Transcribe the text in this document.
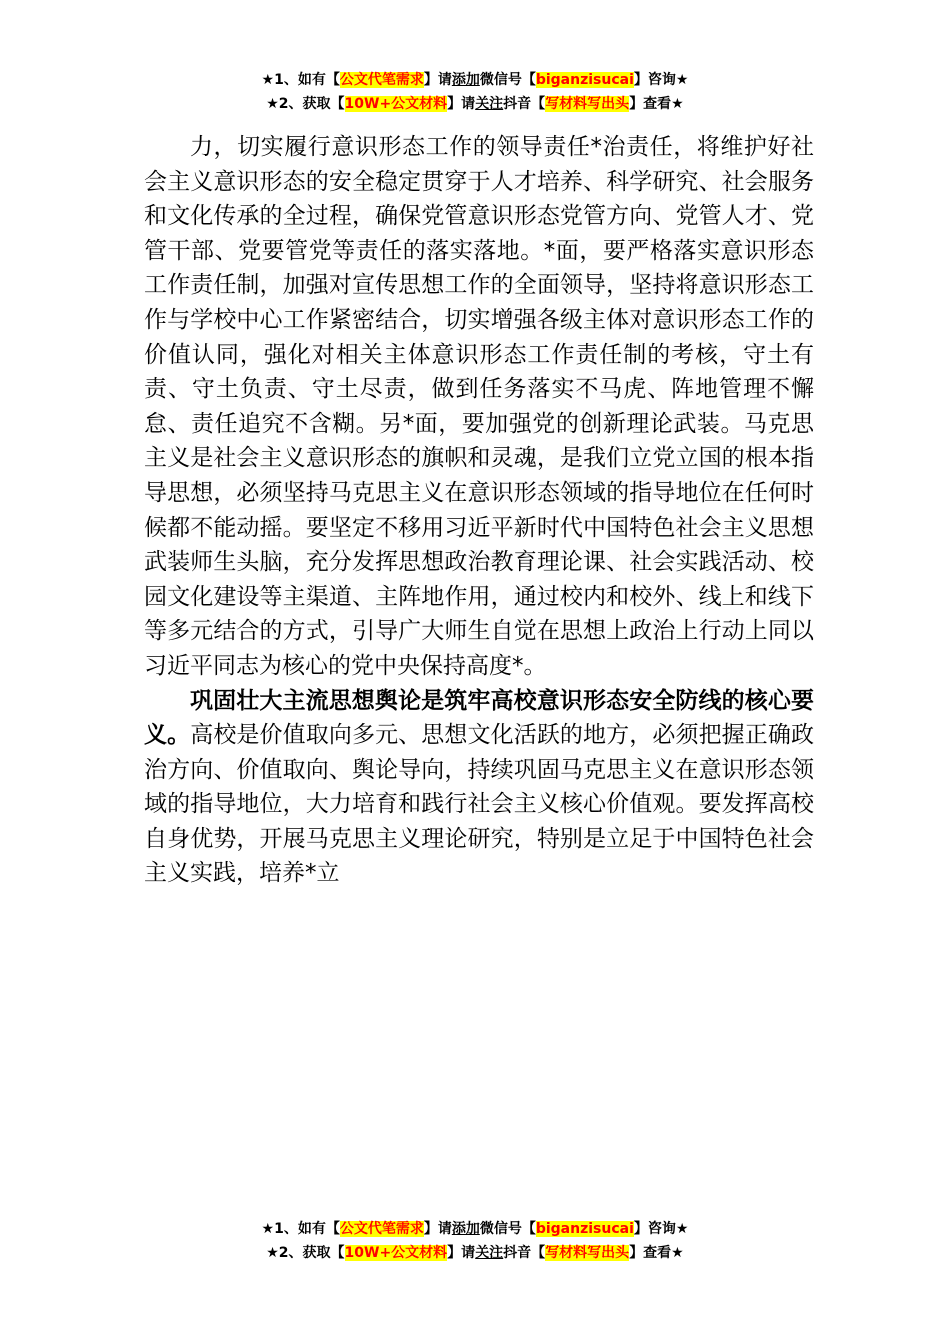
★1、如有【公文代笔需求】请添加微信号【biganzisucai】咨询★
★2、获取【10W+公文材料】请关注抖音【写材料写出头】查看★

力，切实履行意识形态工作的领导责任*治责任，将维护好社会主义意识形态的安全稳定贯穿于人才培养、科学研究、社会服务和文化传承的全过程，确保党管意识形态党管方向、党管人才、党管干部、党要管党等责任的落实落地。*面，要严格落实意识形态工作责任制，加强对宣传思想工作的全面领导，坚持将意识形态工作与学校中心工作紧密结合，切实增强各级主体对意识形态工作的价值认同，强化对相关主体意识形态工作责任制的考核，守土有责、守土负责、守土尽责，做到任务落实不马虎、阵地管理不懈怠、责任追究不含糊。另*面，要加强党的创新理论武装。马克思主义是社会主义意识形态的旗帜和灵魂，是我们立党立国的根本指导思想，必须坚持马克思主义在意识形态领域的指导地位在任何时候都不能动摇。要坚定不移用习近平新时代中国特色社会主义思想武装师生头脑，充分发挥思想政治教育理论课、社会实践活动、校园文化建设等主渠道、主阵地作用，通过校内和校外、线上和线下等多元结合的方式，引导广大师生自觉在思想上政治上行动上同以习近平同志为核心的党中央保持高度*。

巩固壮大主流思想舆论是筑牢高校意识形态安全防线的核心要义。高校是价值取向多元、思想文化活跃的地方，必须把握正确政治方向、价值取向、舆论导向，持续巩固马克思主义在意识形态领域的指导地位，大力培育和践行社会主义核心价值观。要发挥高校自身优势，开展马克思主义理论研究，特别是立足于中国特色社会主义实践，培养*立

★1、如有【公文代笔需求】请添加微信号【biganzisucai】咨询★
★2、获取【10W+公文材料】请关注抖音【写材料写出头】查看★
